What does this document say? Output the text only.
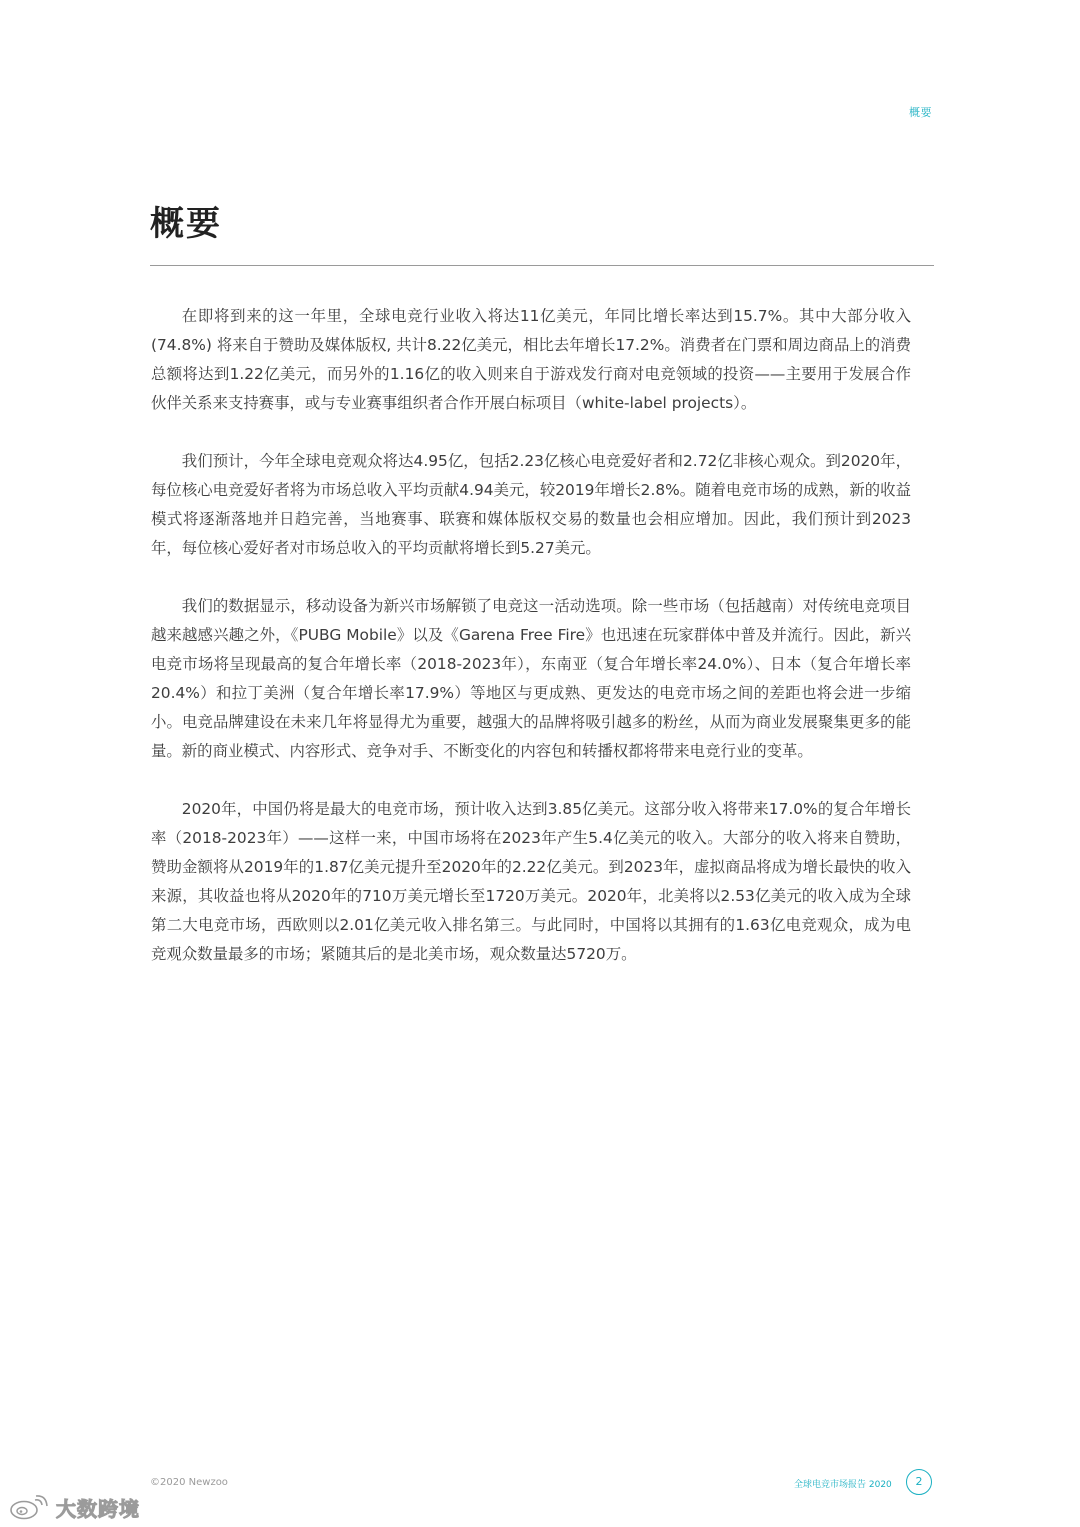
概要
概要

在即将到来的这一年里，全球电竞行业收入将达11亿美元，年同比增长率达到15.7%。其中大部分收入 (74.8%) 将来自于赞助及媒体版权, 共计8.22亿美元，相比去年增长17.2%。消费者在门票和周边商品上的消费总额将达到1.22亿美元，而另外的1.16亿的收入则来自于游戏发行商对电竞领域的投资——主要用于发展合作伙伴关系来支持赛事，或与专业赛事组织者合作开展白标项目（white-label projects）。

我们预计，今年全球电竞观众将达4.95亿，包括2.23亿核心电竞爱好者和2.72亿非核心观众。到2020年，每位核心电竞爱好者将为市场总收入平均贡献4.94美元，较2019年增长2.8%。随着电竞市场的成熟，新的收益模式将逐渐落地并日趋完善，当地赛事、联赛和媒体版权交易的数量也会相应增加。因此，我们预计到2023年，每位核心爱好者对市场总收入的平均贡献将增长到5.27美元。

我们的数据显示，移动设备为新兴市场解锁了电竞这一活动选项。除一些市场（包括越南）对传统电竞项目越来越感兴趣之外，《PUBG Mobile》以及《Garena Free Fire》也迅速在玩家群体中普及并流行。因此，新兴电竞市场将呈现最高的复合年增长率（2018-2023年），东南亚（复合年增长率24.0%）、日本（复合年增长率20.4%）和拉丁美洲（复合年增长率17.9%）等地区与更成熟、更发达的电竞市场之间的差距也将会进一步缩小。电竞品牌建设在未来几年将显得尤为重要，越强大的品牌将吸引越多的粉丝，从而为商业发展聚集更多的能量。新的商业模式、内容形式、竞争对手、不断变化的内容包和转播权都将带来电竞行业的变革。

2020年，中国仍将是最大的电竞市场，预计收入达到3.85亿美元。这部分收入将带来17.0%的复合年增长率（2018-2023年）——这样一来，中国市场将在2023年产生5.4亿美元的收入。大部分的收入将来自赞助，赞助金额将从2019年的1.87亿美元提升至2020年的2.22亿美元。到2023年，虚拟商品将成为增长最快的收入来源，其收益也将从2020年的710万美元增长至1720万美元。2020年，北美将以2.53亿美元的收入成为全球第二大电竞市场，西欧则以2.01亿美元收入排名第三。与此同时，中国将以其拥有的1.63亿电竞观众，成为电竞观众数量最多的市场；紧随其后的是北美市场，观众数量达5720万。

©2020 Newzoo	全球电竞市场报告 2020	2
大数跨境
